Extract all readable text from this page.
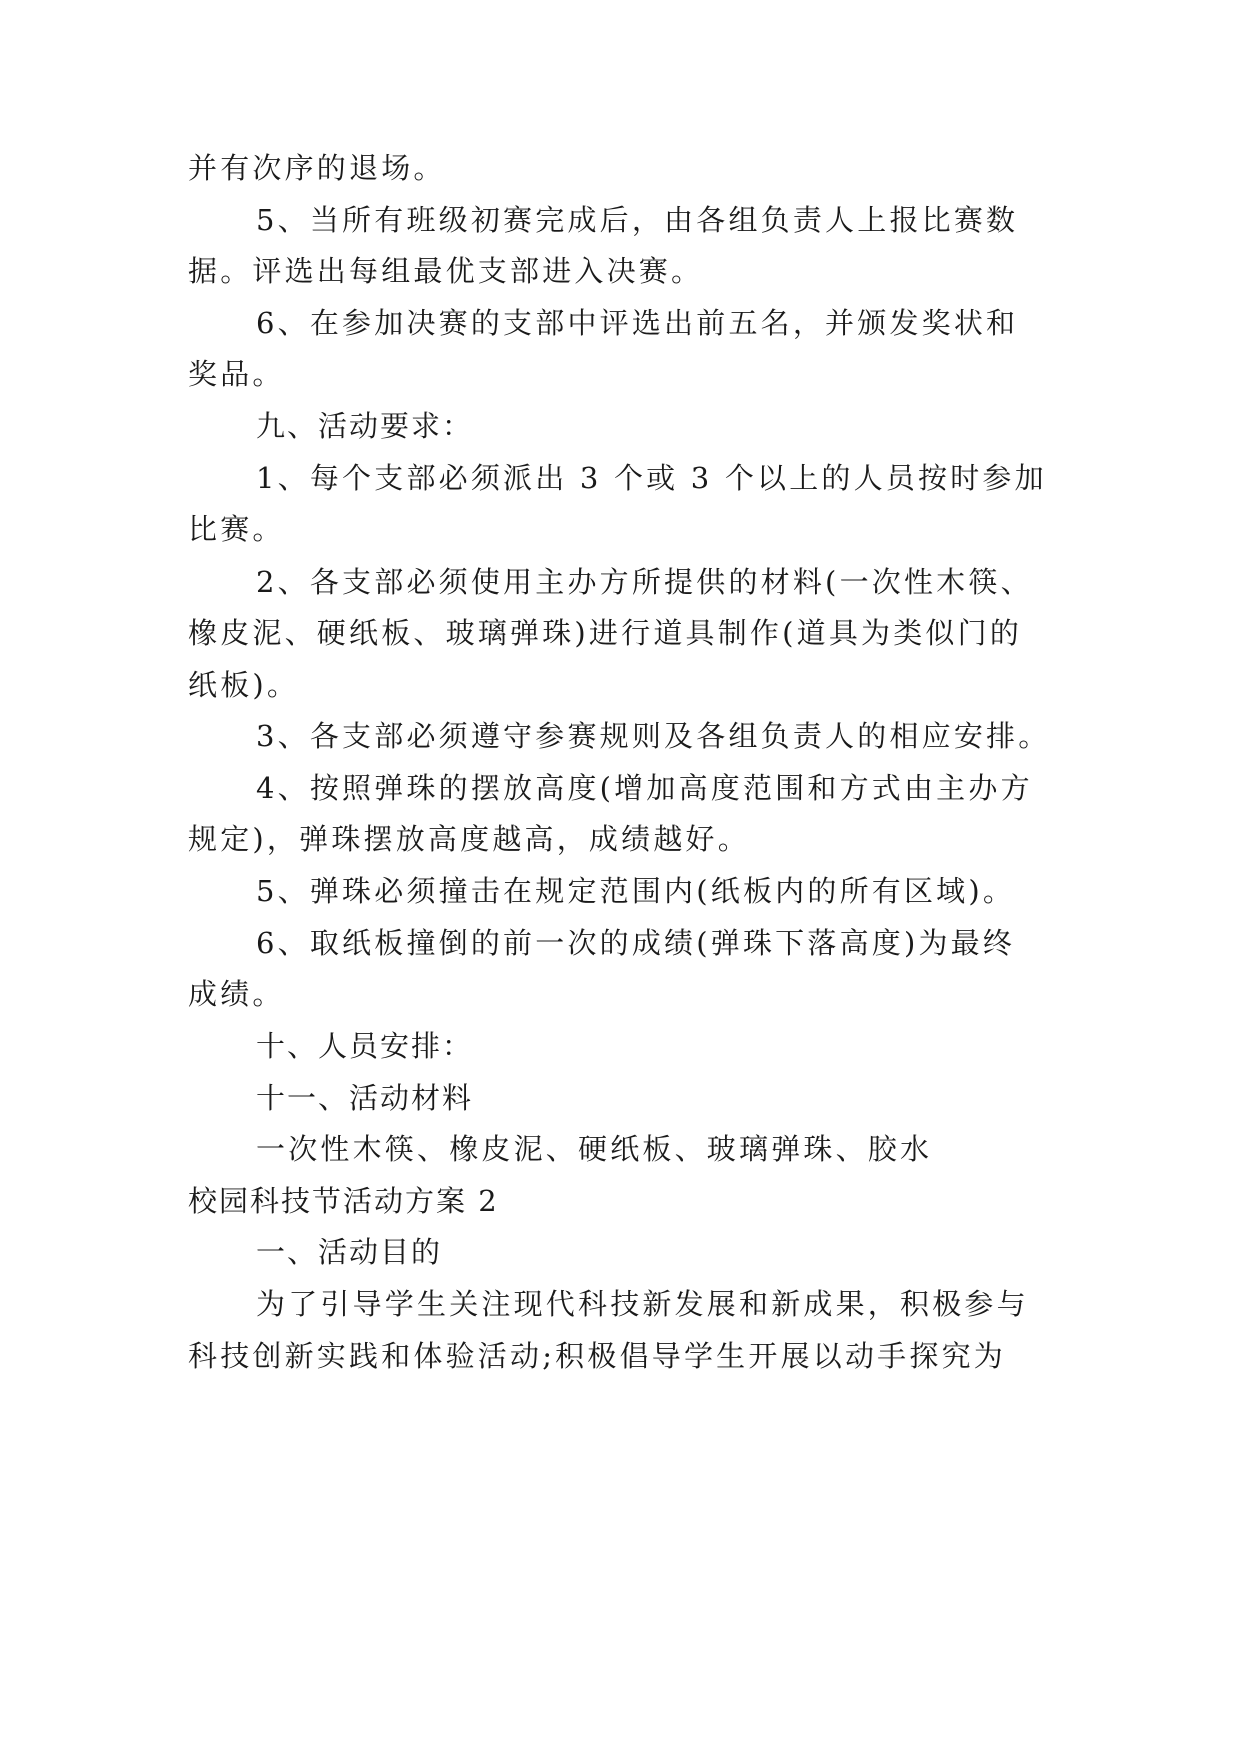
并有次序的退场。
5、当所有班级初赛完成后，由各组负责人上报比赛数
据。评选出每组最优支部进入决赛。
6、在参加决赛的支部中评选出前五名，并颁发奖状和
奖品。
九、活动要求：
1、每个支部必须派出 3 个或 3 个以上的人员按时参加
比赛。
2、各支部必须使用主办方所提供的材料(一次性木筷、
橡皮泥、硬纸板、玻璃弹珠)进行道具制作(道具为类似门的
纸板)。
3、各支部必须遵守参赛规则及各组负责人的相应安排。
4、按照弹珠的摆放高度(增加高度范围和方式由主办方
规定)，弹珠摆放高度越高，成绩越好。
5、弹珠必须撞击在规定范围内(纸板内的所有区域)。
6、取纸板撞倒的前一次的成绩(弹珠下落高度)为最终
成绩。
十、人员安排：
十一、活动材料
一次性木筷、橡皮泥、硬纸板、玻璃弹珠、胶水
校园科技节活动方案 2
一、活动目的
为了引导学生关注现代科技新发展和新成果，积极参与
科技创新实践和体验活动;积极倡导学生开展以动手探究为
